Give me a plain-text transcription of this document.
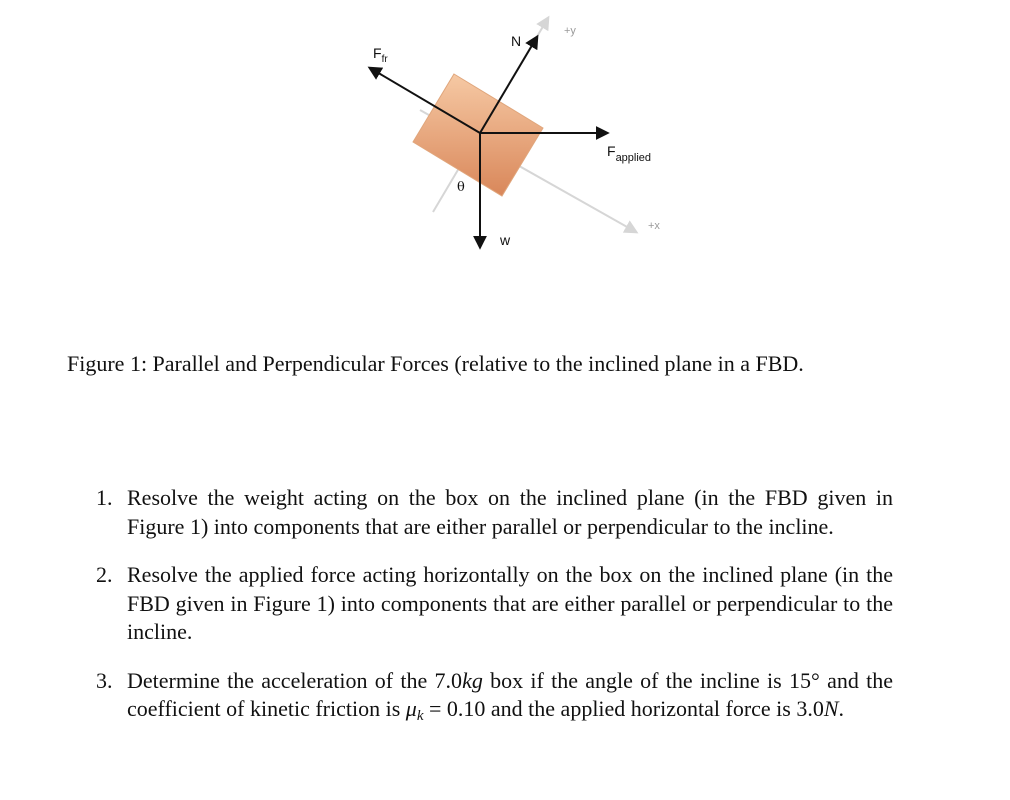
$F_{fr}$
N
+y
$F_{applied}$
θ
+x
w
Figure 1: Parallel and Perpendicular Forces (relative to the inclined plane in a FBD.
1. Resolve the weight acting on the box on the inclined plane (in the FBD given in Figure 1) into components that are either parallel or perpendicular to the incline.
2. Resolve the applied force acting horizontally on the box on the inclined plane (in the FBD given in Figure 1) into components that are either parallel or perpendicular to the incline.
3. Determine the acceleration of the 7.0kg box if the angle of the incline is 15° and the coefficient of kinetic friction is $\mu_k = 0.10$ and the applied horizontal force is 3.0N.
